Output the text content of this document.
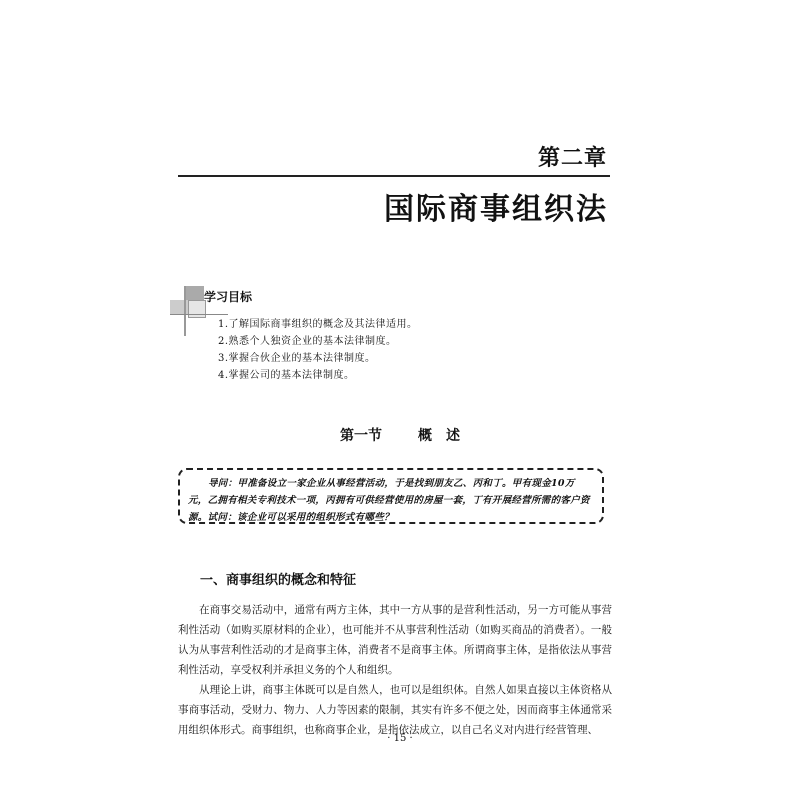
第二章
国际商事组织法
学习目标
1.了解国际商事组织的概念及其法律适用。
2.熟悉个人独资企业的基本法律制度。
3.掌握合伙企业的基本法律制度。
4.掌握公司的基本法律制度。
第一节	概　述

导问：甲准备设立一家企业从事经营活动，于是找到朋友乙、丙和丁。甲有现金10万元，乙拥有相关专利技术一项，丙拥有可供经营使用的房屋一套，丁有开展经营所需的客户资源。试问：该企业可以采用的组织形式有哪些？

一、商事组织的概念和特征

在商事交易活动中，通常有两方主体，其中一方从事的是营利性活动，另一方可能从事营利性活动（如购买原材料的企业），也可能并不从事营利性活动（如购买商品的消费者）。一般认为从事营利性活动的才是商事主体，消费者不是商事主体。所谓商事主体，是指依法从事营利性活动，享受权利并承担义务的个人和组织。

从理论上讲，商事主体既可以是自然人，也可以是组织体。自然人如果直接以主体资格从事商事活动，受财力、物力、人力等因素的限制，其实有许多不便之处，因而商事主体通常采用组织体形式。商事组织，也称商事企业，是指依法成立，以自己名义对内进行经营管理、

· 15 ·
